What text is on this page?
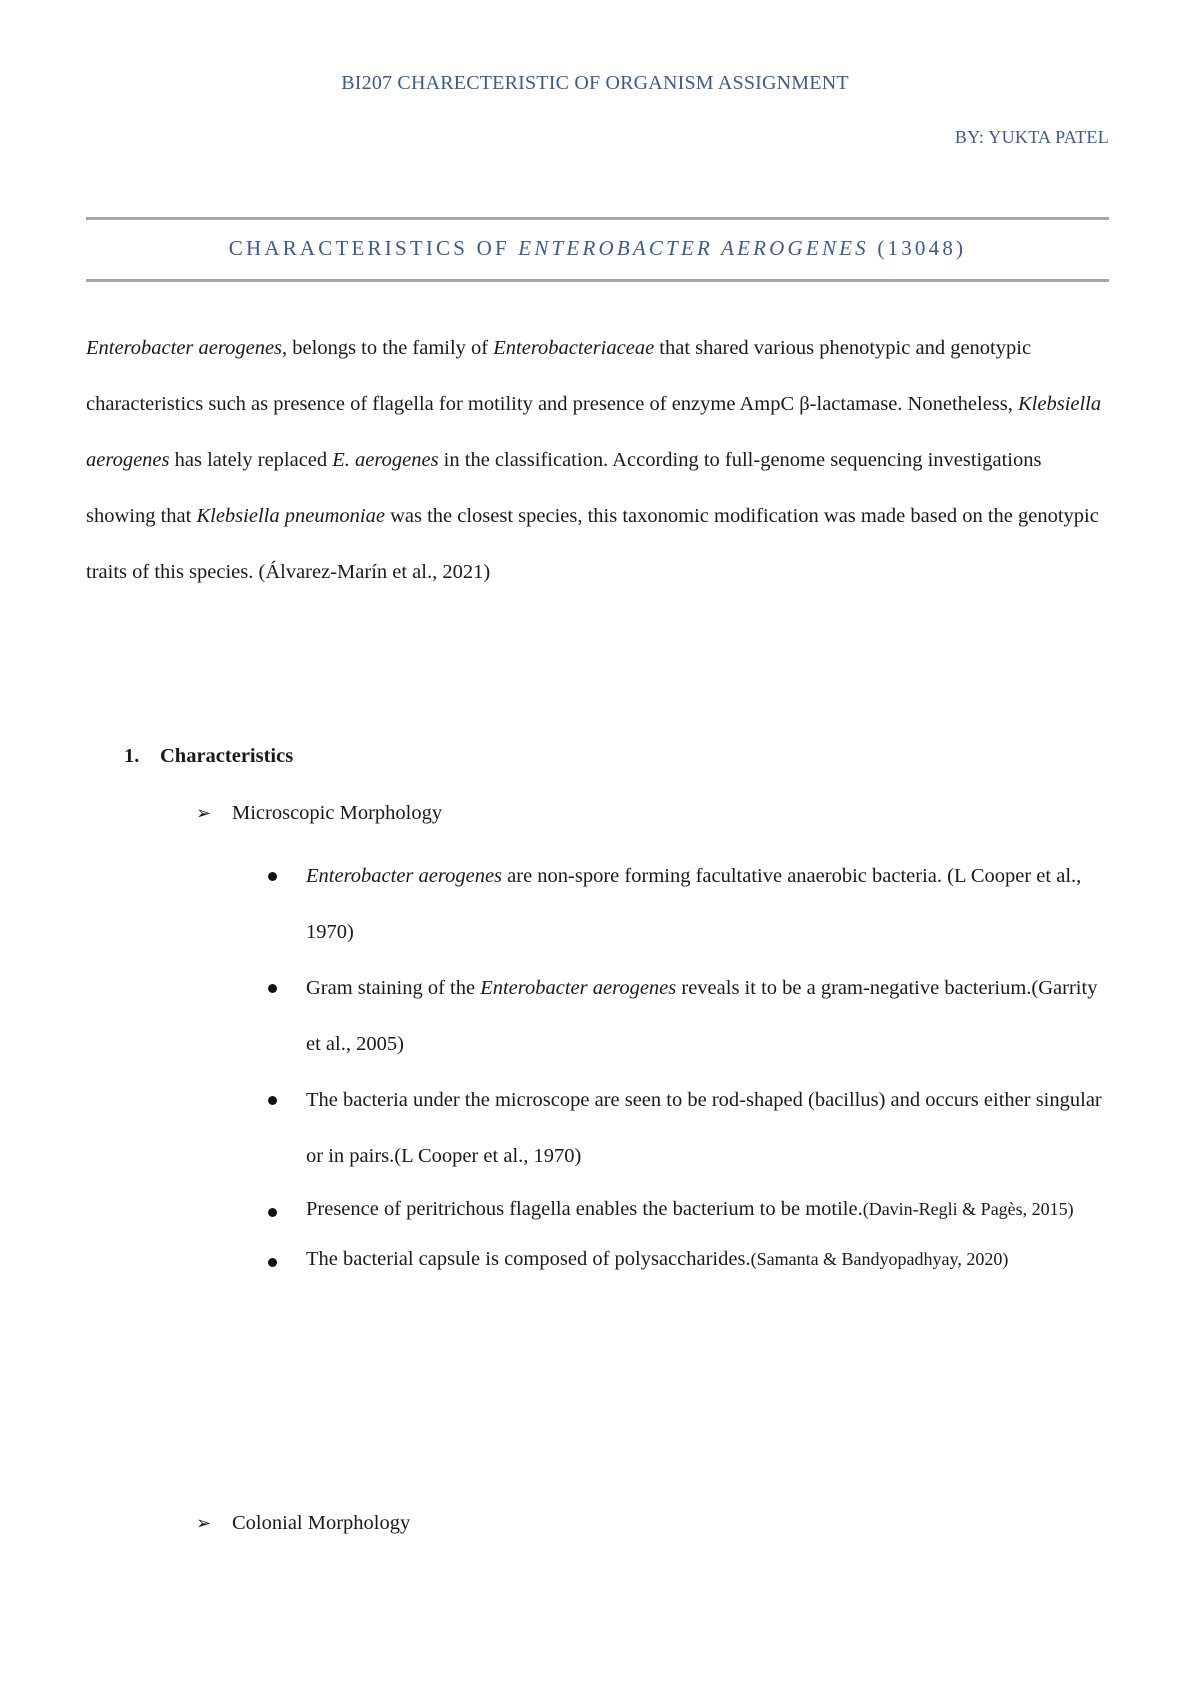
BI207 CHARECTERISTIC OF ORGANISM ASSIGNMENT
BY: YUKTA PATEL
CHARACTERISTICS OF ENTEROBACTER AEROGENES (13048)

Enterobacter aerogenes, belongs to the family of Enterobacteriaceae that shared various phenotypic and genotypic characteristics such as presence of flagella for motility and presence of enzyme AmpC β-lactamase. Nonetheless, Klebsiella aerogenes has lately replaced E. aerogenes in the classification. According to full-genome sequencing investigations showing that Klebsiella pneumoniae was the closest species, this taxonomic modification was made based on the genotypic traits of this species. (Álvarez-Marín et al., 2021)

1. Characteristics
➢ Microscopic Morphology
Enterobacter aerogenes are non-spore forming facultative anaerobic bacteria. (L Cooper et al., 1970)
Gram staining of the Enterobacter aerogenes reveals it to be a gram-negative bacterium.(Garrity et al., 2005)
The bacteria under the microscope are seen to be rod-shaped (bacillus) and occurs either singular or in pairs.(L Cooper et al., 1970)
Presence of peritrichous flagella enables the bacterium to be motile.(Davin-Regli & Pagès, 2015)
The bacterial capsule is composed of polysaccharides.(Samanta & Bandyopadhyay, 2020)
➢ Colonial Morphology
